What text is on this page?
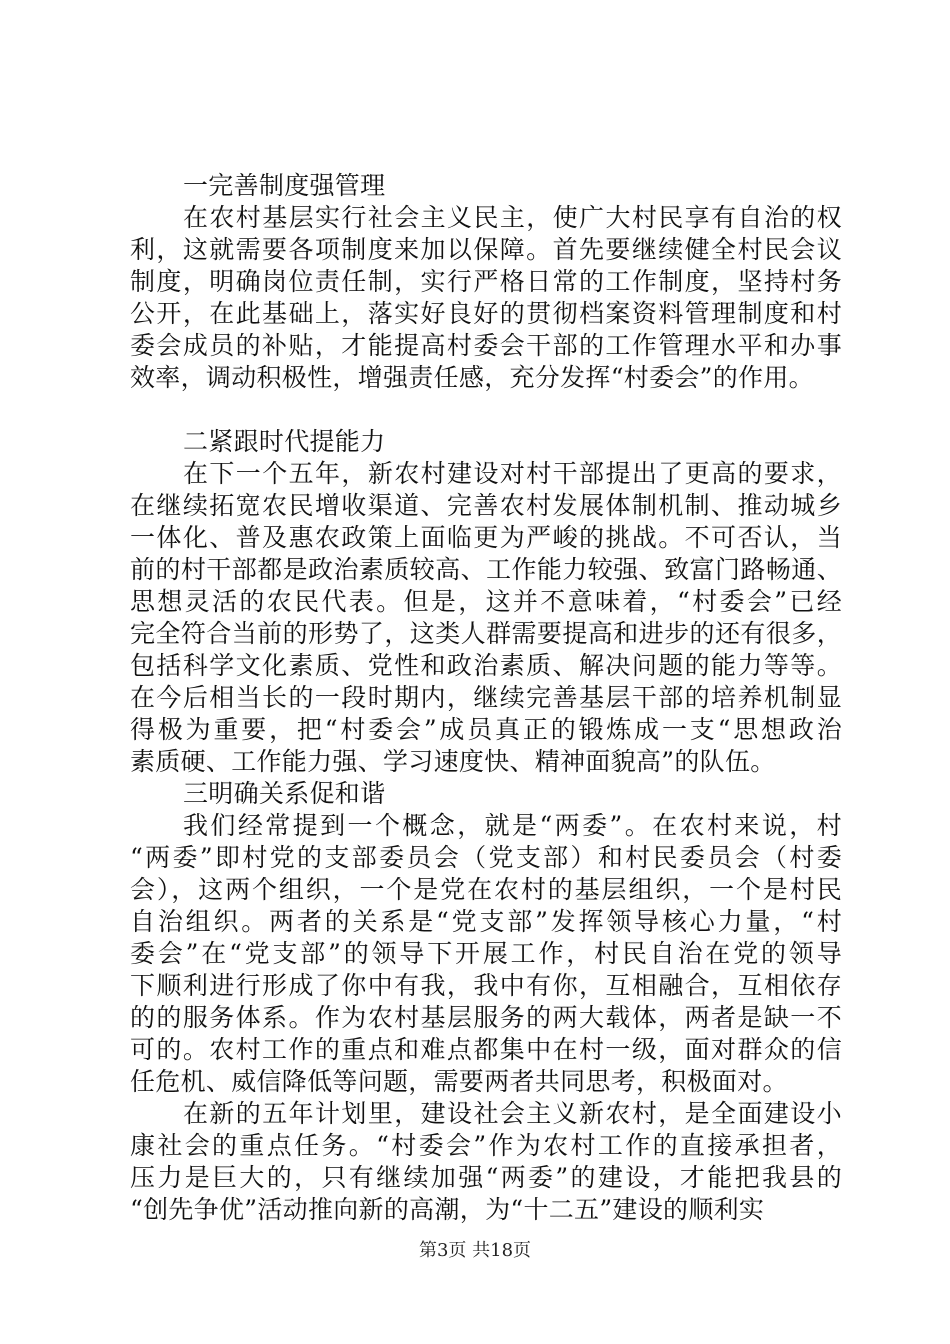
一完善制度强管理
在农村基层实行社会主义民主，使广大村民享有自治的权
利，这就需要各项制度来加以保障。首先要继续健全村民会议
制度，明确岗位责任制，实行严格日常的工作制度，坚持村务
公开，在此基础上，落实好良好的贯彻档案资料管理制度和村
委会成员的补贴，才能提高村委会干部的工作管理水平和办事
效率，调动积极性，增强责任感，充分发挥“村委会”的作用。
二紧跟时代提能力
在下一个五年，新农村建设对村干部提出了更高的要求，
在继续拓宽农民增收渠道、完善农村发展体制机制、推动城乡
一体化、普及惠农政策上面临更为严峻的挑战。不可否认，当
前的村干部都是政治素质较高、工作能力较强、致富门路畅通、
思想灵活的农民代表。但是，这并不意味着，“村委会”已经
完全符合当前的形势了，这类人群需要提高和进步的还有很多，
包括科学文化素质、党性和政治素质、解决问题的能力等等。
在今后相当长的一段时期内，继续完善基层干部的培养机制显
得极为重要，把“村委会”成员真正的锻炼成一支“思想政治
素质硬、工作能力强、学习速度快、精神面貌高”的队伍。
三明确关系促和谐
我们经常提到一个概念，就是“两委”。在农村来说，村
“两委”即村党的支部委员会（党支部）和村民委员会（村委
会），这两个组织，一个是党在农村的基层组织，一个是村民
自治组织。两者的关系是“党支部”发挥领导核心力量，“村
委会”在“党支部”的领导下开展工作，村民自治在党的领导
下顺利进行形成了你中有我，我中有你，互相融合，互相依存
的的服务体系。作为农村基层服务的两大载体，两者是缺一不
可的。农村工作的重点和难点都集中在村一级，面对群众的信
任危机、威信降低等问题，需要两者共同思考，积极面对。
在新的五年计划里，建设社会主义新农村，是全面建设小
康社会的重点任务。“村委会”作为农村工作的直接承担者，
压力是巨大的，只有继续加强“两委”的建设，才能把我县的
“创先争优”活动推向新的高潮，为“十二五”建设的顺利实
第3页 共18页
